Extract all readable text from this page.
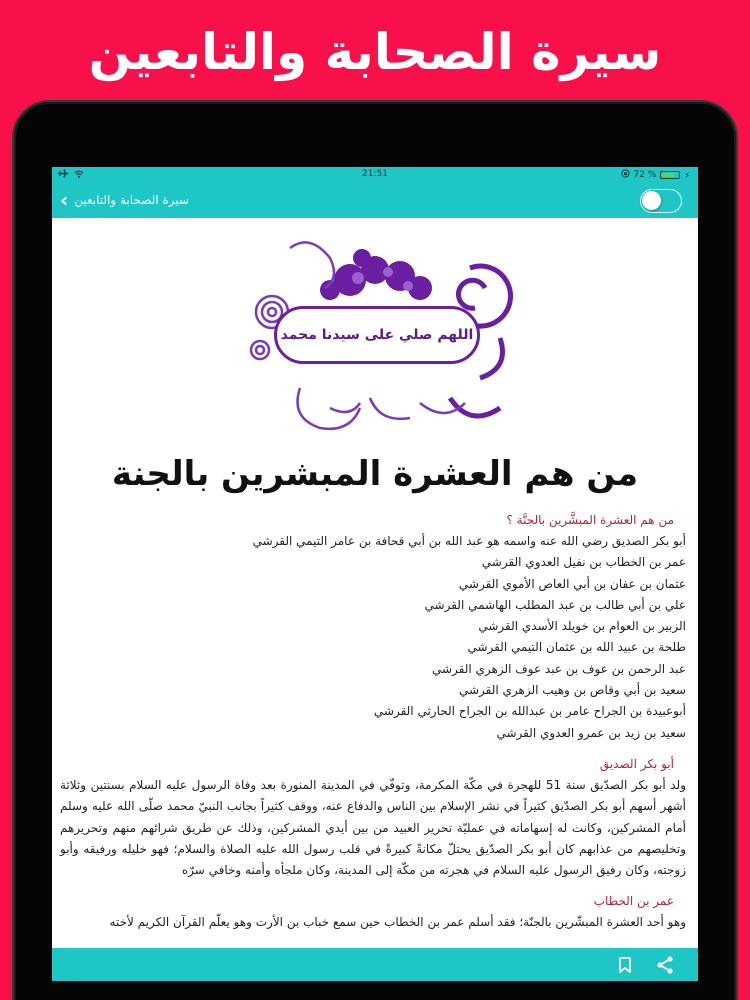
سيرة الصحابة والتابعين
21:51	72 %	⚡
‹ سيرة الصحابة والتابعين
اللهم صلي على سيدنا محمد
من هم العشرة المبشرين بالجنة
من هم العشرة المبشَّرين بالجنَّة ؟
أبو بكر الصديق رضي الله عنه واسمه هو عبد الله بن أبي قحافة بن عامر التيمي القرشي
عمر بن الخطاب بن نفيل العدوي القرشي
عثمان بن عفان بن أبي العاص الأموي القرشي
علي بن أبي طالب بن عبد المطلب الهاشمي القرشي
الزبير بن العوام بن خويلد الأسدي القرشي
طلحة بن عبيد الله بن عثمان التيمي القرشي
عبد الرحمن بن عوف بن عبد عوف الزهري القرشي
سعيد بن أبي وقاص بن وهيب الزهري القرشي
أبوعبيدة بن الجراح عامر بن عبدالله بن الجراح الحارثي القرشي
سعيد بن زيد بن عمرو العدوي القرشي
أبو بكر الصديق
ولد أبو بكر الصدّيق سنة 51 للهجرة في مكّة المكرمة، وتوفّي في المدينة المنورة بعد وفاة الرسول عليه السلام بسنتين وثلاثة أشهر أسهم أبو بكر الصدّيق كثيراً في نشر الإسلام بين الناس والدفاع عنه، ووقف كثيراً بجانب النبيّ محمد صلّى الله عليه وسلم أمام المشركين، وكانت له إسهاماته في عمليّة تحرير العبيد من بين أيدي المشركين، وذلك عن طريق شرائهم منهم وتحريرهم وتخليصهم من عذابهم كان أبو بكر الصدّيق يحتلّ مكانةً كبيرةً في قلب رسول الله عليه الصلاة والسلام؛ فهو خليله ورفيقه وأبو زوجته، وكان رفيق الرسول عليه السلام في هجرته من مكّة إلى المدينة، وكان ملجأه وأمنه وخافي سرّه
عمر بن الخطاب
وهو أحد العشرة المبشّرين بالجنّة؛ فقد أسلم عمر بن الخطاب حين سمع خباب بن الأرت وهو يعلّم القرآن الكريم لأخته
